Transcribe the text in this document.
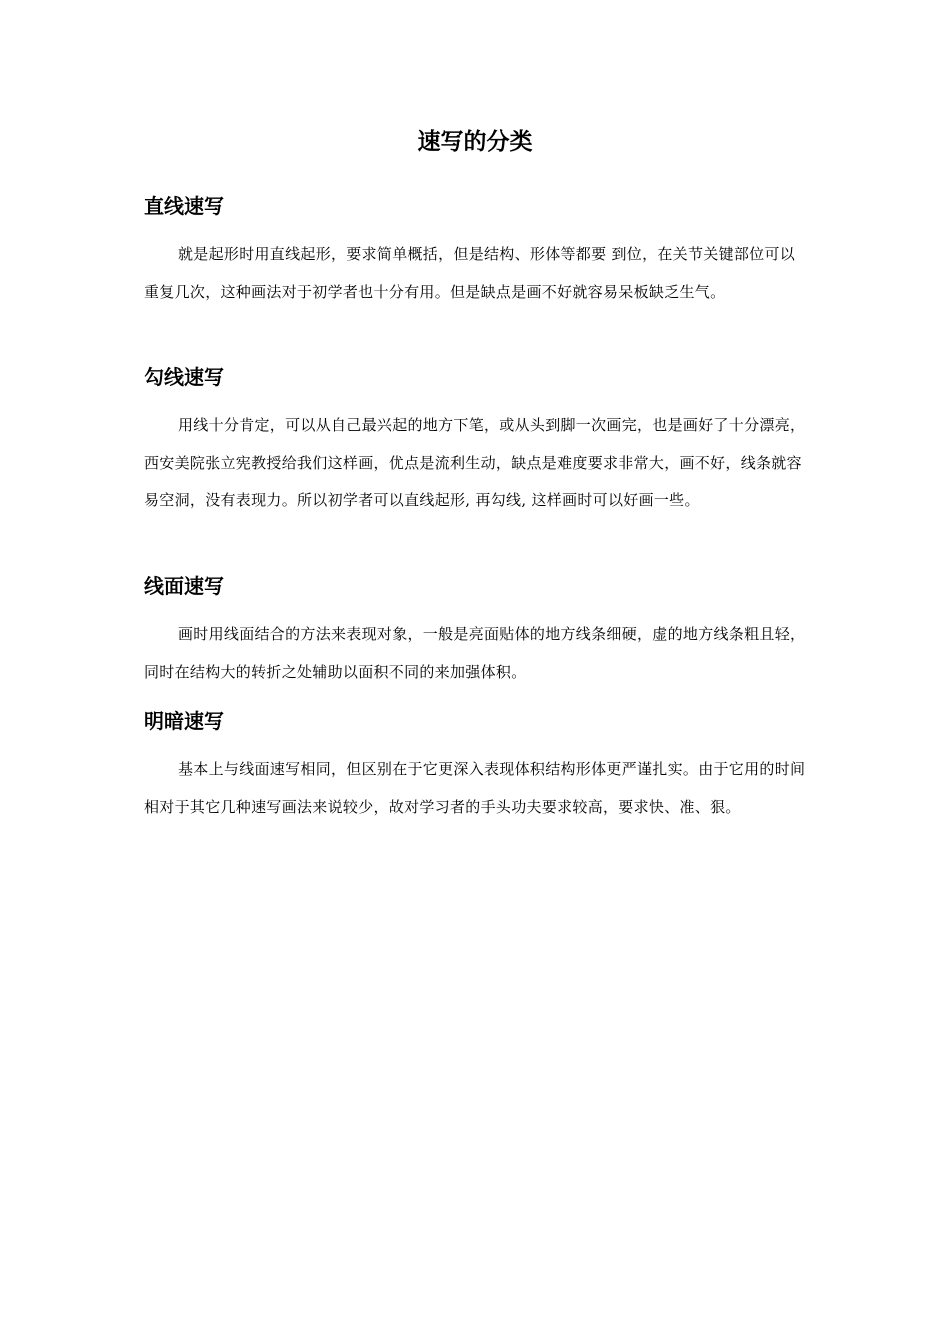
速写的分类
直线速写

就是起形时用直线起形，要求简单概括，但是结构、形体等都要 到位，在关节关键部位可以重复几次，这种画法对于初学者也十分有用。但是缺点是画不好就容易呆板缺乏生气。

勾线速写

用线十分肯定，可以从自己最兴起的地方下笔，或从头到脚一次画完，也是画好了十分漂亮，西安美院张立宪教授给我们这样画，优点是流利生动，缺点是难度要求非常大，画不好，线条就容易空洞，没有表现力。所以初学者可以直线起形, 再勾线, 这样画时可以好画一些。

线面速写

画时用线面结合的方法来表现对象，一般是亮面贴体的地方线条细硬，虚的地方线条粗且轻，同时在结构大的转折之处辅助以面积不同的来加强体积。

明暗速写

基本上与线面速写相同，但区别在于它更深入表现体积结构形体更严谨扎实。由于它用的时间相对于其它几种速写画法来说较少，故对学习者的手头功夫要求较高，要求快、准、狠。
